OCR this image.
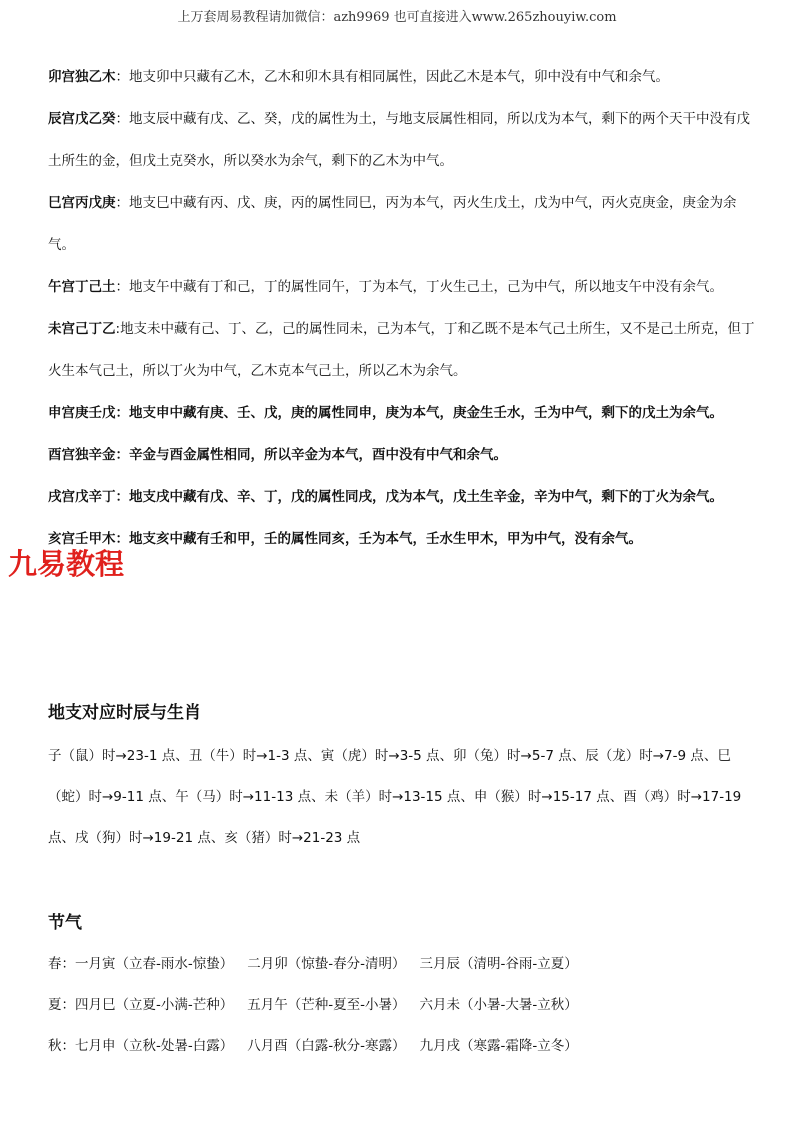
上万套周易教程请加微信：azh9969 也可直接进入www.265zhouyiw.com

卯宫独乙木：地支卯中只藏有乙木，乙木和卯木具有相同属性，因此乙木是本气，卯中没有中气和余气。

辰宫戊乙癸：地支辰中藏有戊、乙、癸，戊的属性为土，与地支辰属性相同，所以戊为本气，剩下的两个天干中没有戊土所生的金，但戊土克癸水，所以癸水为余气，剩下的乙木为中气。

巳宫丙戊庚：地支巳中藏有丙、戊、庚，丙的属性同巳，丙为本气，丙火生戊土，戊为中气，丙火克庚金，庚金为余气。

午宫丁己土：地支午中藏有丁和己，丁的属性同午，丁为本气，丁火生己土，己为中气，所以地支午中没有余气。

未宫己丁乙:地支未中藏有己、丁、乙，己的属性同未，己为本气，丁和乙既不是本气己土所生，又不是己土所克，但丁火生本气己土，所以丁火为中气，乙木克本气己土，所以乙木为余气。

申宫庚壬戊：地支申中藏有庚、壬、戊，庚的属性同申，庚为本气，庚金生壬水，壬为中气，剩下的戊土为余气。

酉宫独辛金：辛金与酉金属性相同，所以辛金为本气，酉中没有中气和余气。

戌宫戊辛丁：地支戌中藏有戊、辛、丁，戊的属性同戌，戊为本气，戊土生辛金，辛为中气，剩下的丁火为余气。

亥宫壬甲木：地支亥中藏有壬和甲，壬的属性同亥，壬为本气，壬水生甲木，甲为中气，没有余气。

九易教程
地支对应时辰与生肖

子（鼠）时→23-1 点、丑（牛）时→1-3 点、寅（虎）时→3-5 点、卯（兔）时→5-7 点、辰（龙）时→7-9 点、巳（蛇）时→9-11 点、午（马）时→11-13 点、未（羊）时→13-15 点、申（猴）时→15-17 点、酉（鸡）时→17-19 点、戌（狗）时→19-21 点、亥（猪）时→21-23 点

节气
春：一月寅（立春-雨水-惊蛰） 二月卯（惊蛰-春分-清明） 三月辰（清明-谷雨-立夏）
夏：四月巳（立夏-小满-芒种） 五月午（芒种-夏至-小暑） 六月未（小暑-大暑-立秋）
秋：七月申（立秋-处暑-白露） 八月酉（白露-秋分-寒露） 九月戌（寒露-霜降-立冬）
